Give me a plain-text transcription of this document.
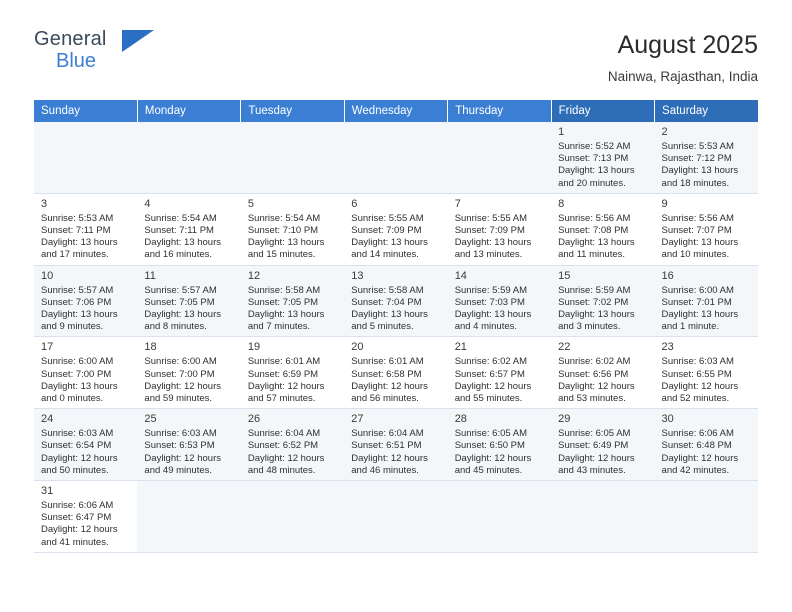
General
Blue
August 2025
Nainwa, Rajasthan, India
Sunday	Monday	Tuesday	Wednesday	Thursday	Friday	Saturday

					1
Sunrise: 5:52 AM
Sunset: 7:13 PM
Daylight: 13 hours
and 20 minutes.	2
Sunrise: 5:53 AM
Sunset: 7:12 PM
Daylight: 13 hours
and 18 minutes.

3
Sunrise: 5:53 AM
Sunset: 7:11 PM
Daylight: 13 hours
and 17 minutes.	4
Sunrise: 5:54 AM
Sunset: 7:11 PM
Daylight: 13 hours
and 16 minutes.	5
Sunrise: 5:54 AM
Sunset: 7:10 PM
Daylight: 13 hours
and 15 minutes.	6
Sunrise: 5:55 AM
Sunset: 7:09 PM
Daylight: 13 hours
and 14 minutes.	7
Sunrise: 5:55 AM
Sunset: 7:09 PM
Daylight: 13 hours
and 13 minutes.	8
Sunrise: 5:56 AM
Sunset: 7:08 PM
Daylight: 13 hours
and 11 minutes.	9
Sunrise: 5:56 AM
Sunset: 7:07 PM
Daylight: 13 hours
and 10 minutes.

10
Sunrise: 5:57 AM
Sunset: 7:06 PM
Daylight: 13 hours
and 9 minutes.	11
Sunrise: 5:57 AM
Sunset: 7:05 PM
Daylight: 13 hours
and 8 minutes.	12
Sunrise: 5:58 AM
Sunset: 7:05 PM
Daylight: 13 hours
and 7 minutes.	13
Sunrise: 5:58 AM
Sunset: 7:04 PM
Daylight: 13 hours
and 5 minutes.	14
Sunrise: 5:59 AM
Sunset: 7:03 PM
Daylight: 13 hours
and 4 minutes.	15
Sunrise: 5:59 AM
Sunset: 7:02 PM
Daylight: 13 hours
and 3 minutes.	16
Sunrise: 6:00 AM
Sunset: 7:01 PM
Daylight: 13 hours
and 1 minute.

17
Sunrise: 6:00 AM
Sunset: 7:00 PM
Daylight: 13 hours
and 0 minutes.	18
Sunrise: 6:00 AM
Sunset: 7:00 PM
Daylight: 12 hours
and 59 minutes.	19
Sunrise: 6:01 AM
Sunset: 6:59 PM
Daylight: 12 hours
and 57 minutes.	20
Sunrise: 6:01 AM
Sunset: 6:58 PM
Daylight: 12 hours
and 56 minutes.	21
Sunrise: 6:02 AM
Sunset: 6:57 PM
Daylight: 12 hours
and 55 minutes.	22
Sunrise: 6:02 AM
Sunset: 6:56 PM
Daylight: 12 hours
and 53 minutes.	23
Sunrise: 6:03 AM
Sunset: 6:55 PM
Daylight: 12 hours
and 52 minutes.

24
Sunrise: 6:03 AM
Sunset: 6:54 PM
Daylight: 12 hours
and 50 minutes.	25
Sunrise: 6:03 AM
Sunset: 6:53 PM
Daylight: 12 hours
and 49 minutes.	26
Sunrise: 6:04 AM
Sunset: 6:52 PM
Daylight: 12 hours
and 48 minutes.	27
Sunrise: 6:04 AM
Sunset: 6:51 PM
Daylight: 12 hours
and 46 minutes.	28
Sunrise: 6:05 AM
Sunset: 6:50 PM
Daylight: 12 hours
and 45 minutes.	29
Sunrise: 6:05 AM
Sunset: 6:49 PM
Daylight: 12 hours
and 43 minutes.	30
Sunrise: 6:06 AM
Sunset: 6:48 PM
Daylight: 12 hours
and 42 minutes.

31
Sunrise: 6:06 AM
Sunset: 6:47 PM
Daylight: 12 hours
and 41 minutes.						
